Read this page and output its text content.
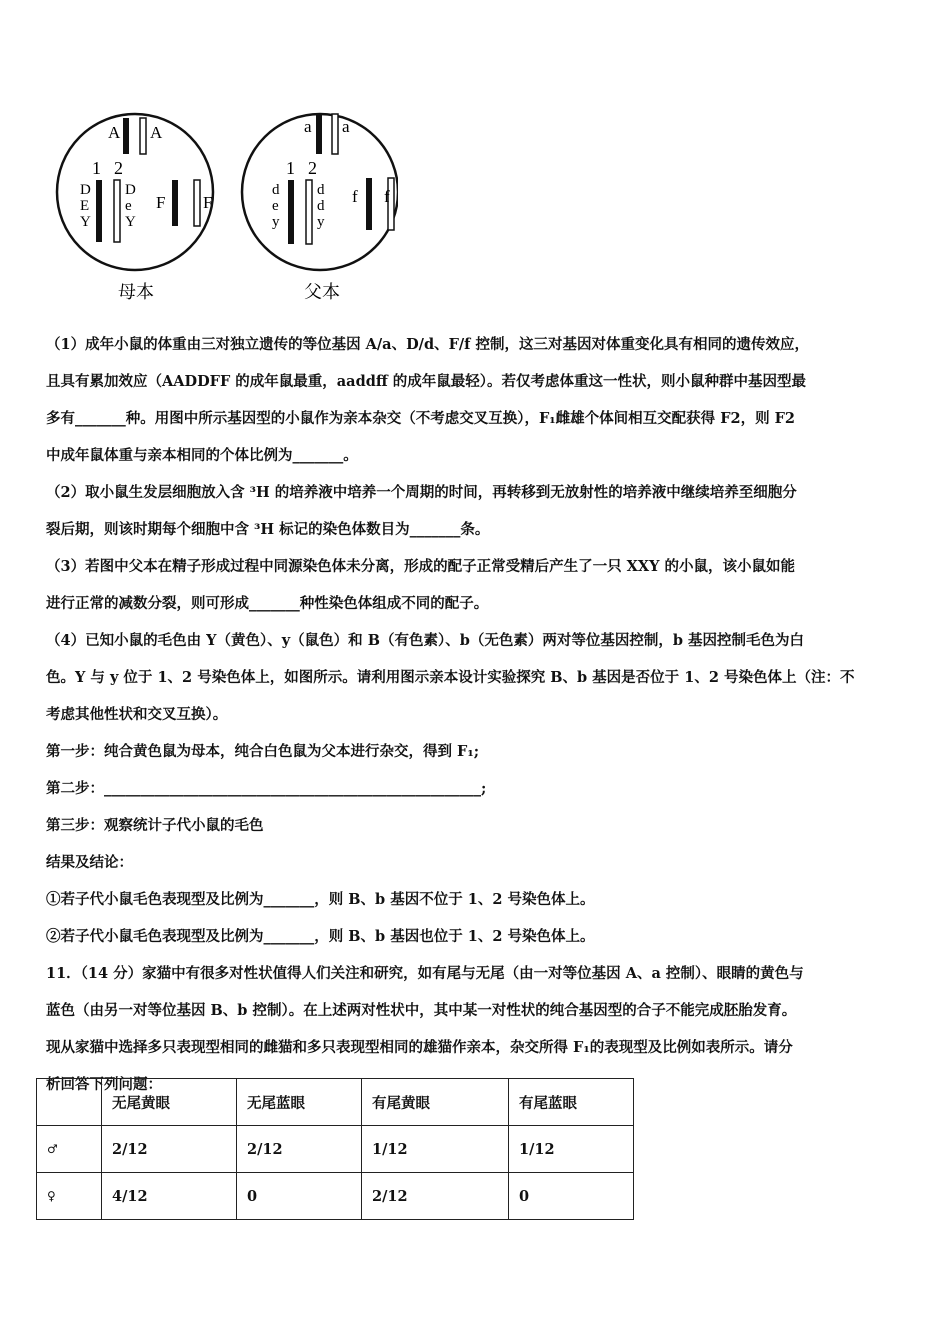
A A
1 2
D
E
Y
D
e
Y
F F
母本
a a
1 2
d
e
y
d
d
y
f f
父本

（1）成年小鼠的体重由三对独立遗传的等位基因 A/a、D/d、F/f 控制，这三对基因对体重变化具有相同的遗传效应，

且具有累加效应（AADDFF 的成年鼠最重，aaddff 的成年鼠最轻）。若仅考虑体重这一性状，则小鼠种群中基因型最

多有_______种。用图中所示基因型的小鼠作为亲本杂交（不考虑交叉互换），F₁雌雄个体间相互交配获得 F2，则 F2

中成年鼠体重与亲本相同的个体比例为_______。

（2）取小鼠生发层细胞放入含 ³H 的培养液中培养一个周期的时间，再转移到无放射性的培养液中继续培养至细胞分

裂后期，则该时期每个细胞中含 ³H 标记的染色体数目为_______条。

（3）若图中父本在精子形成过程中同源染色体未分离，形成的配子正常受精后产生了一只 XXY 的小鼠，该小鼠如能

进行正常的减数分裂，则可形成_______种性染色体组成不同的配子。

（4）已知小鼠的毛色由 Y（黄色）、y（鼠色）和 B（有色素）、b（无色素）两对等位基因控制，b 基因控制毛色为白

色。Y 与 y 位于 1、2 号染色体上，如图所示。请利用图示亲本设计实验探究 B、b 基因是否位于 1、2 号染色体上（注：不

考虑其他性状和交叉互换）。

第一步：纯合黄色鼠为母本，纯合白色鼠为父本进行杂交，得到 F₁;

第二步：____________________________________________________;

第三步：观察统计子代小鼠的毛色

结果及结论：

①若子代小鼠毛色表现型及比例为_______，则 B、b 基因不位于 1、2 号染色体上。

②若子代小鼠毛色表现型及比例为_______，则 B、b 基因也位于 1、2 号染色体上。

11．（14 分）家猫中有很多对性状值得人们关注和研究，如有尾与无尾（由一对等位基因 A、a 控制）、眼睛的黄色与

蓝色（由另一对等位基因 B、b 控制）。在上述两对性状中，其中某一对性状的纯合基因型的合子不能完成胚胎发育。

现从家猫中选择多只表现型相同的雌猫和多只表现型相同的雄猫作亲本，杂交所得 F₁的表现型及比例如表所示。请分

析回答下列问题：

	无尾黄眼	无尾蓝眼	有尾黄眼	有尾蓝眼
♂	2/12	2/12	1/12	1/12
♀	4/12	0	2/12	0
